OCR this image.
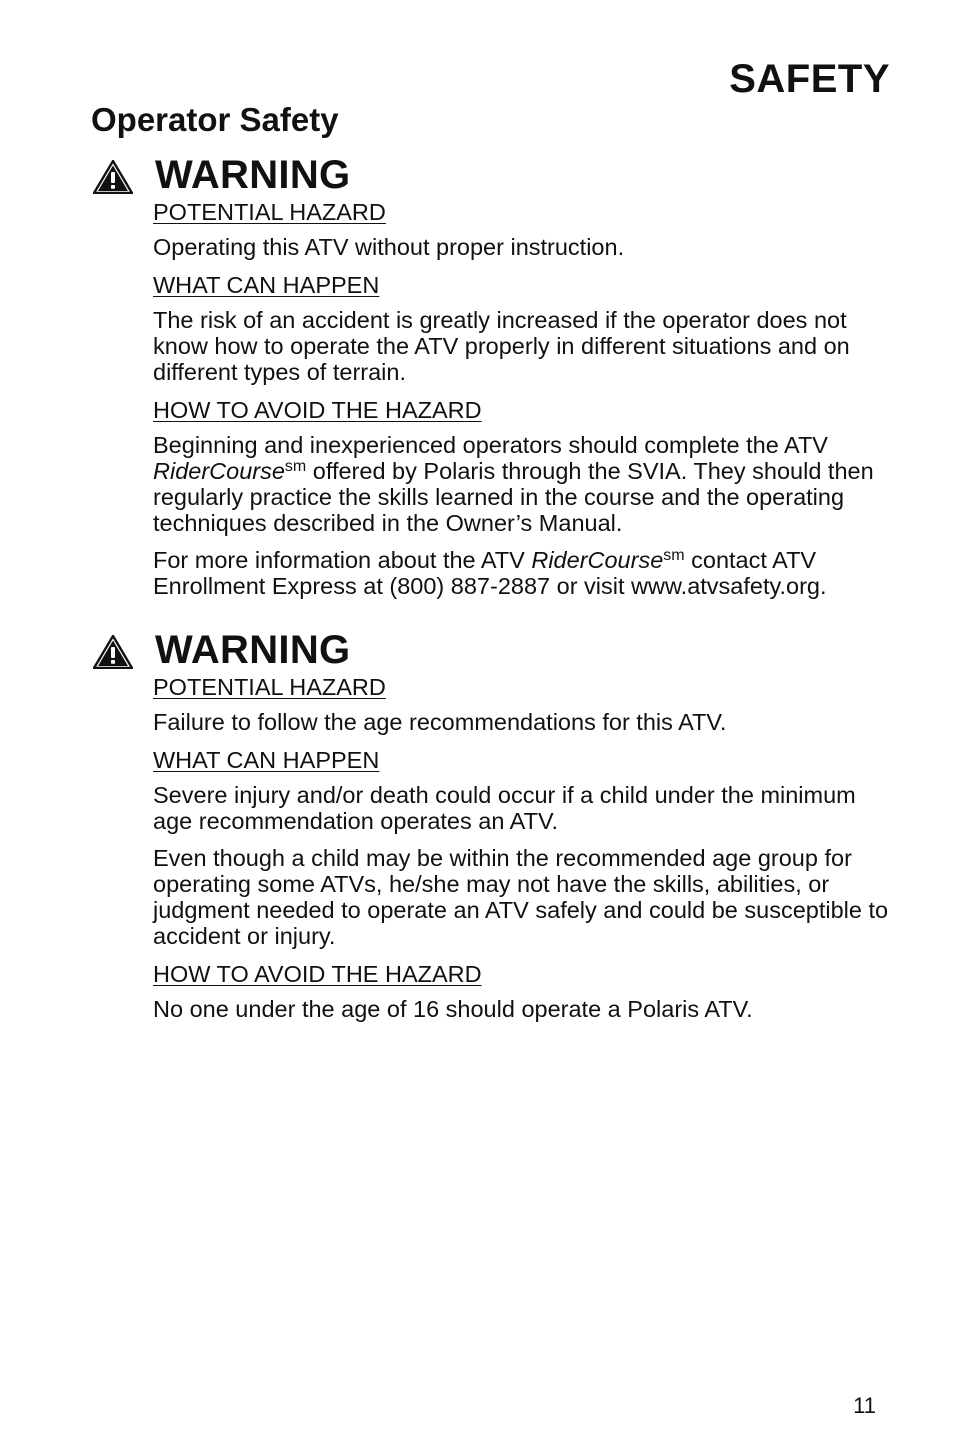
SAFETY
Operator Safety
WARNING
POTENTIAL HAZARD

Operating this ATV without proper instruction.

WHAT CAN HAPPEN

The risk of an accident is greatly increased if the operator does not know how to operate the ATV properly in different situations and on different types of terrain.

HOW TO AVOID THE HAZARD

Beginning and inexperienced operators should complete the ATV RiderCourse$^{sm}$ offered by Polaris through the SVIA. They should then regularly practice the skills learned in the course and the operating techniques described in the Owner’s Manual.

For more information about the ATV RiderCourse$^{sm}$ contact ATV Enrollment Express at (800) 887-2887 or visit www.atvsafety.org.

WARNING
POTENTIAL HAZARD

Failure to follow the age recommendations for this ATV.

WHAT CAN HAPPEN

Severe injury and/or death could occur if a child under the minimum age recommendation operates an ATV.

Even though a child may be within the recommended age group for operating some ATVs, he/she may not have the skills, abilities, or judgment needed to operate an ATV safely and could be susceptible to accident or injury.

HOW TO AVOID THE HAZARD

No one under the age of 16 should operate a Polaris ATV.

11
